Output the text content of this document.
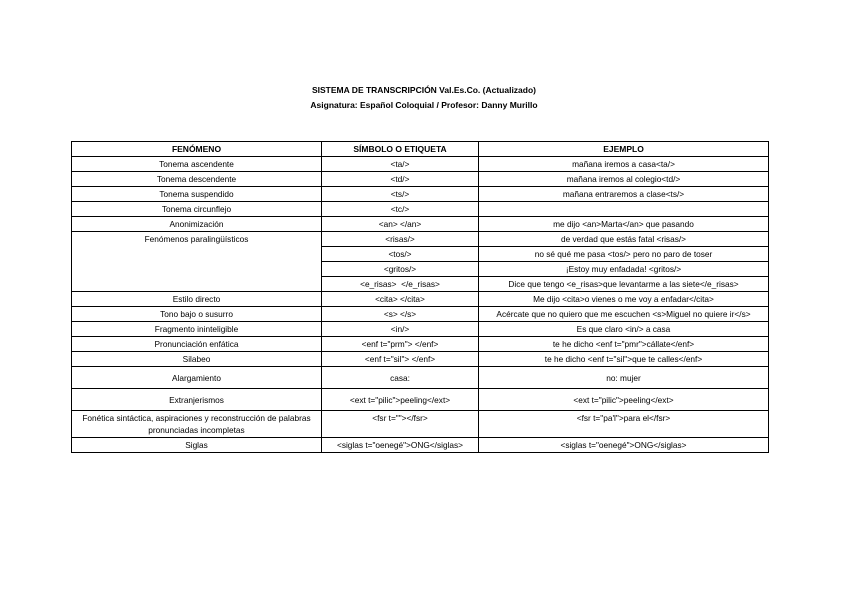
SISTEMA DE TRANSCRIPCIÓN Val.Es.Co. (Actualizado)
Asignatura: Español Coloquial / Profesor: Danny Murillo
FENÓMENO	SÍMBOLO O ETIQUETA	EJEMPLO
Tonema ascendente	<ta/>	mañana iremos a casa<ta/>
Tonema descendente	<td/>	mañana iremos al colegio<td/>
Tonema suspendido	<ts/>	mañana entraremos a clase<ts/>
Tonema circunflejo	<tc/>	
Anonimización	<an> </an>	me dijo <an>Marta</an> que pasando
Fenómenos paralingüísticos	<risas/>	de verdad que estás fatal <risas/>
	<tos/>	no sé qué me pasa <tos/> pero no paro de toser
	<gritos/>	¡Estoy muy enfadada! <gritos/>
	<e_risas>  </e_risas>	Dice que tengo <e_risas>que levantarme a las siete</e_risas>
Estilo directo	<cita> </cita>	Me dijo <cita>o vienes o me voy a enfadar</cita>
Tono bajo o susurro	<s> </s>	Acércate que no quiero que me escuchen <s>Miguel no quiere ir</s>
Fragmento ininteligible	<in/>	Es que claro <in/> a casa
Pronunciación enfática	<enf t="prm"> </enf>	te he dicho <enf t="pmr">cállate</enf>
Silabeo	<enf t="sil"> </enf>	te he dicho <enf t="sil">que te calles</enf>
Alargamiento	casa:	no: mujer
Extranjerismos	<ext t="pilic">peeling</ext>	<ext t="pilic">peeling</ext>
Fonética sintáctica, aspiraciones y reconstrucción de palabras pronunciadas incompletas	<fsr t=""></fsr>	<fsr t="pa'l">para el</fsr>
Siglas	<siglas t="oenegé">ONG</siglas>	<siglas t="oenegé">ONG</siglas>
